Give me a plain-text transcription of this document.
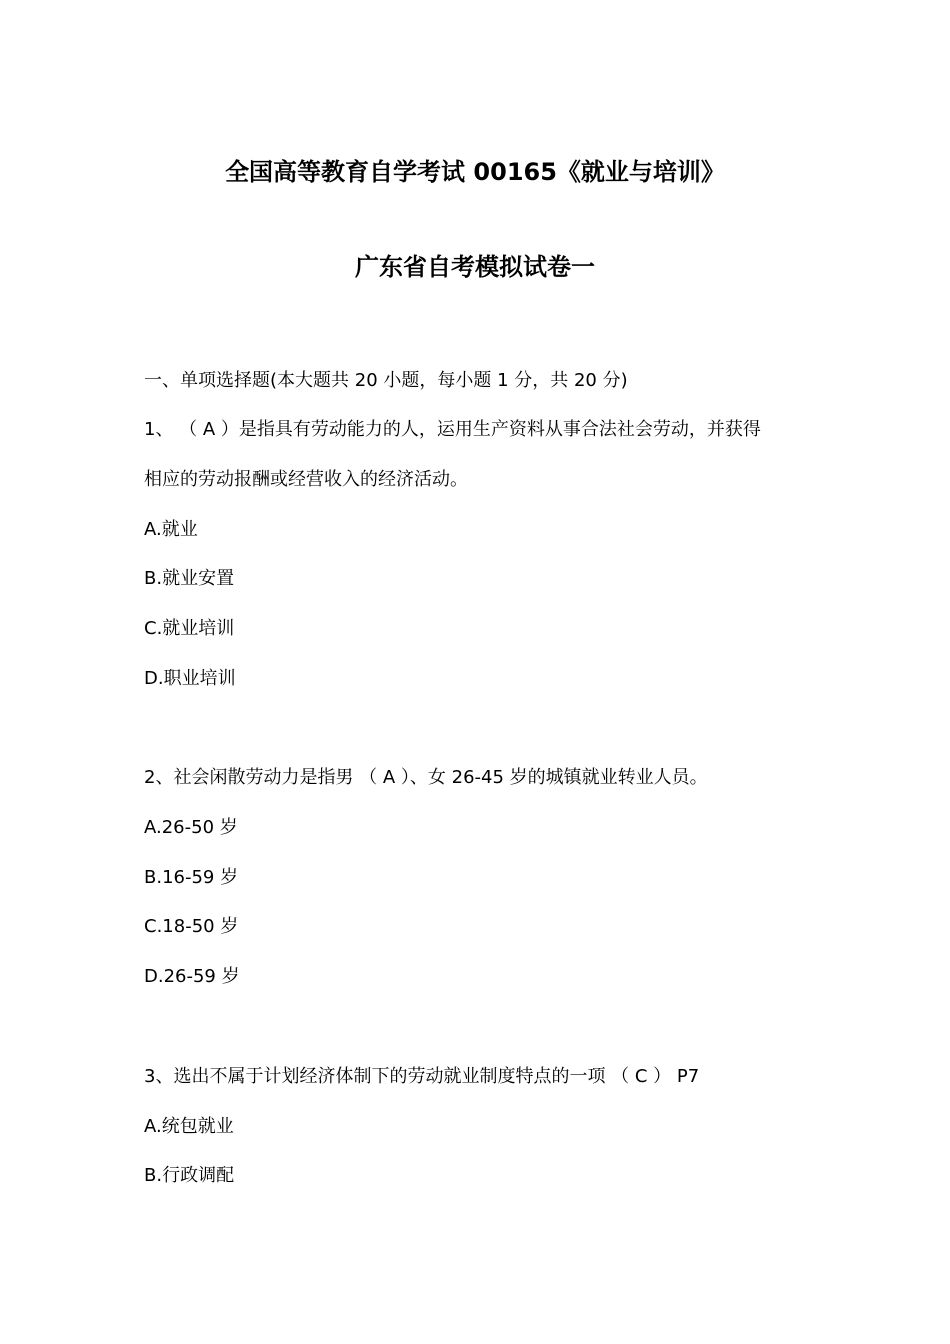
全国高等教育自学考试 00165《就业与培训》
广东省自考模拟试卷一
一、单项选择题(本大题共 20 小题，每小题 1 分，共 20 分)
1、 （ A ）是指具有劳动能力的人，运用生产资料从事合法社会劳动，并获得
相应的劳动报酬或经营收入的经济活动。
A.就业
B.就业安置
C.就业培训
D.职业培训
2、社会闲散劳动力是指男 （ A ）、女 26-45 岁的城镇就业转业人员。
A.26-50 岁
B.16-59 岁
C.18-50 岁
D.26-59 岁
3、选出不属于计划经济体制下的劳动就业制度特点的一项 （ C ） P7
A.统包就业
B.行政调配
